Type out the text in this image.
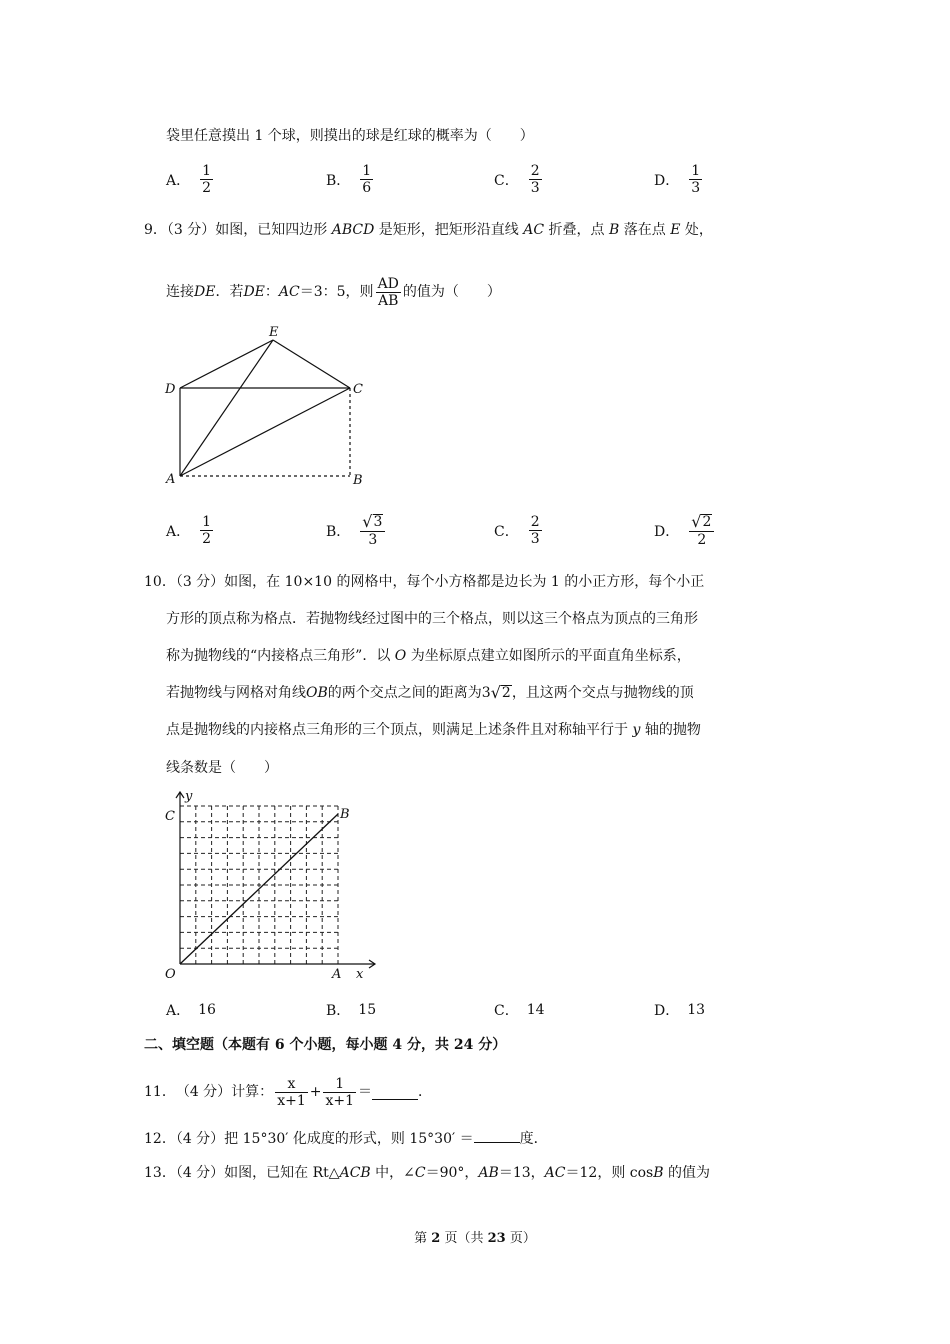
袋里任意摸出 1 个球，则摸出的球是红球的概率为（　　）
A． $\frac{1}{2}$	B． $\frac{1}{6}$	C． $\frac{2}{3}$	D． $\frac{1}{3}$
9．（3 分）如图，已知四边形 ABCD 是矩形，把矩形沿直线 AC 折叠，点 B 落在点 E 处，
连接 DE ．若 DE ： AC ＝3：5，则 $\frac{AD}{AB}$ 的值为（　　）
E
D	C
A	B
A． $\frac{1}{2}$	B． $\frac{√ 3}{3}$	C． $\frac{2}{3}$	D． $\frac{√ 2}{2}$
10．（3 分）如图，在 10×10 的网格中，每个小方格都是边长为 1 的小正方形，每个小正
方形的顶点称为格点．若抛物线经过图中的三个格点，则以这三个格点为顶点的三角形
称为抛物线的“内接格点三角形”．以 O 为坐标原点建立如图所示的平面直角坐标系，
若抛物线与网格对角线 OB 的两个交点之间的距离为 3 √ 2 ，且这两个交点与抛物线的顶
点是抛物线的内接格点三角形的三个顶点，则满足上述条件且对称轴平行于 y 轴的抛物
线条数是（　　）
y
C	B
O	A x
A． 16	B． 15	C． 14	D． 13
二、填空题（本题有 6 个小题，每小题 4 分，共 24 分）
11． （4 分）计算： $\frac{x}{x+1} + \frac{1}{x+1}$ ＝	．
12．（4 分）把 15°30′ 化成度的形式，则 15°30′ ＝	度．
13．（4 分）如图，已知在 Rt△ACB 中，∠C＝90°，AB＝13，AC＝12，则 cosB 的值为
第 2 页（共 23 页）
